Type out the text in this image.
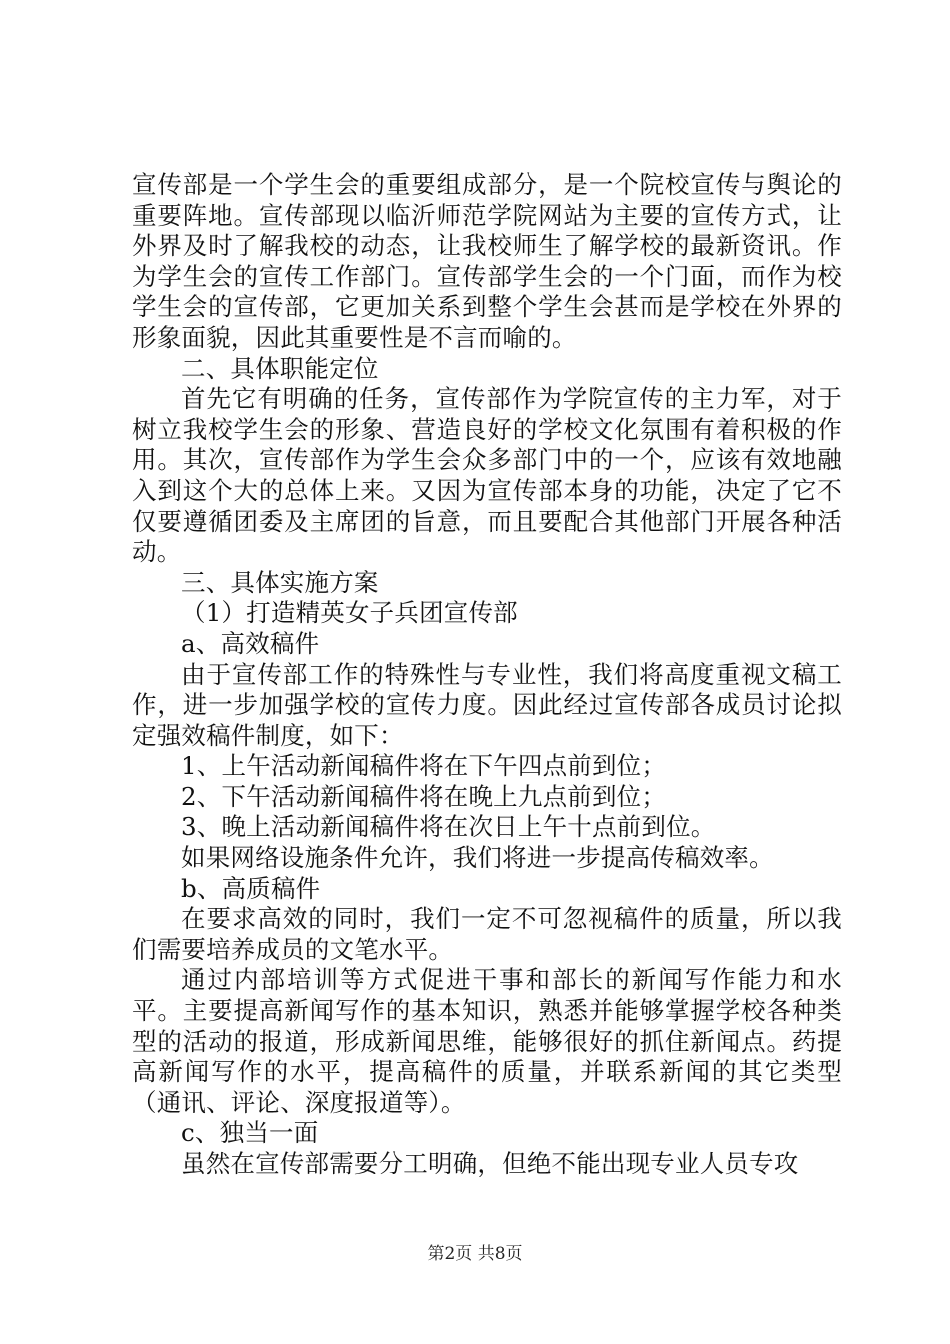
宣传部是一个学生会的重要组成部分，是一个院校宣传与舆论的重要阵地。宣传部现以临沂师范学院网站为主要的宣传方式，让外界及时了解我校的动态，让我校师生了解学校的最新资讯。作为学生会的宣传工作部门。宣传部学生会的一个门面，而作为校学生会的宣传部，它更加关系到整个学生会甚而是学校在外界的形象面貌，因此其重要性是不言而喻的。

二、具体职能定位

首先它有明确的任务，宣传部作为学院宣传的主力军，对于树立我校学生会的形象、营造良好的学校文化氛围有着积极的作用。其次，宣传部作为学生会众多部门中的一个，应该有效地融入到这个大的总体上来。又因为宣传部本身的功能，决定了它不仅要遵循团委及主席团的旨意，而且要配合其他部门开展各种活动。

三、具体实施方案

（1）打造精英女子兵团宣传部

a、高效稿件

由于宣传部工作的特殊性与专业性，我们将高度重视文稿工作，进一步加强学校的宣传力度。因此经过宣传部各成员讨论拟定强效稿件制度，如下：

1、上午活动新闻稿件将在下午四点前到位；

2、下午活动新闻稿件将在晚上九点前到位；

3、晚上活动新闻稿件将在次日上午十点前到位。

如果网络设施条件允许，我们将进一步提高传稿效率。

b、高质稿件

在要求高效的同时，我们一定不可忽视稿件的质量，所以我们需要培养成员的文笔水平。

通过内部培训等方式促进干事和部长的新闻写作能力和水平。主要提高新闻写作的基本知识，熟悉并能够掌握学校各种类型的活动的报道，形成新闻思维，能够很好的抓住新闻点。药提高新闻写作的水平，提高稿件的质量，并联系新闻的其它类型（通讯、评论、深度报道等）。

c、独当一面

虽然在宣传部需要分工明确，但绝不能出现专业人员专攻

第2页 共8页
